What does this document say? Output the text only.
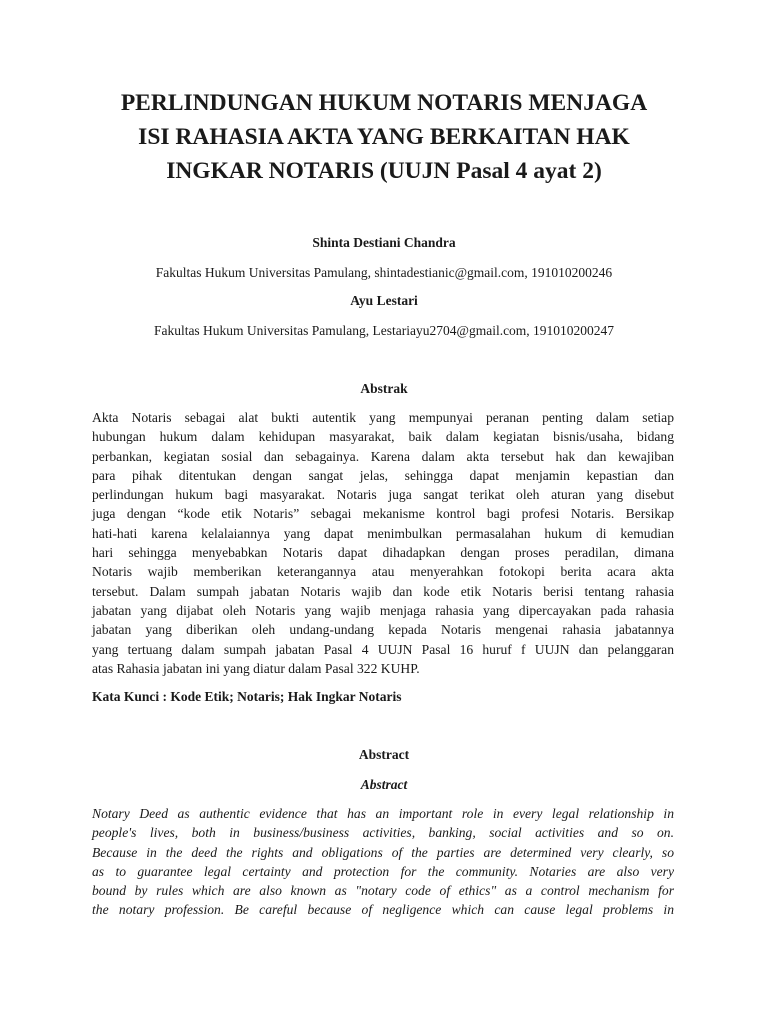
PERLINDUNGAN HUKUM NOTARIS MENJAGA
ISI RAHASIA AKTA YANG BERKAITAN HAK
INGKAR NOTARIS (UUJN Pasal 4 ayat 2)
Shinta Destiani Chandra
Fakultas Hukum Universitas Pamulang, shintadestianic@gmail.com, 191010200246
Ayu Lestari
Fakultas Hukum Universitas Pamulang, Lestariayu2704@gmail.com, 191010200247
Abstrak
Akta Notaris sebagai alat bukti autentik yang mempunyai peranan penting dalam setiap
hubungan hukum dalam kehidupan masyarakat, baik dalam kegiatan bisnis/usaha, bidang
perbankan, kegiatan sosial dan sebagainya. Karena dalam akta tersebut hak dan kewajiban
para pihak ditentukan dengan sangat jelas, sehingga dapat menjamin kepastian dan
perlindungan hukum bagi masyarakat. Notaris juga sangat terikat oleh aturan yang disebut
juga dengan “kode etik Notaris” sebagai mekanisme kontrol bagi profesi Notaris. Bersikap
hati-hati karena kelalaiannya yang dapat menimbulkan permasalahan hukum di kemudian
hari sehingga menyebabkan Notaris dapat dihadapkan dengan proses peradilan, dimana
Notaris wajib memberikan keterangannya atau menyerahkan fotokopi berita acara akta
tersebut. Dalam sumpah jabatan Notaris wajib dan kode etik Notaris berisi tentang rahasia
jabatan yang dijabat oleh Notaris yang wajib menjaga rahasia yang dipercayakan pada rahasia
jabatan yang diberikan oleh undang-undang kepada Notaris mengenai rahasia jabatannya
yang tertuang dalam sumpah jabatan Pasal 4 UUJN Pasal 16 huruf f UUJN dan pelanggaran
atas Rahasia jabatan ini yang diatur dalam Pasal 322 KUHP.
Kata Kunci : Kode Etik; Notaris; Hak Ingkar Notaris
Abstract
Abstract
Notary Deed as authentic evidence that has an important role in every legal relationship in
people's lives, both in business/business activities, banking, social activities and so on.
Because in the deed the rights and obligations of the parties are determined very clearly, so
as to guarantee legal certainty and protection for the community. Notaries are also very
bound by rules which are also known as "notary code of ethics" as a control mechanism for
the notary profession. Be careful because of negligence which can cause legal problems in
